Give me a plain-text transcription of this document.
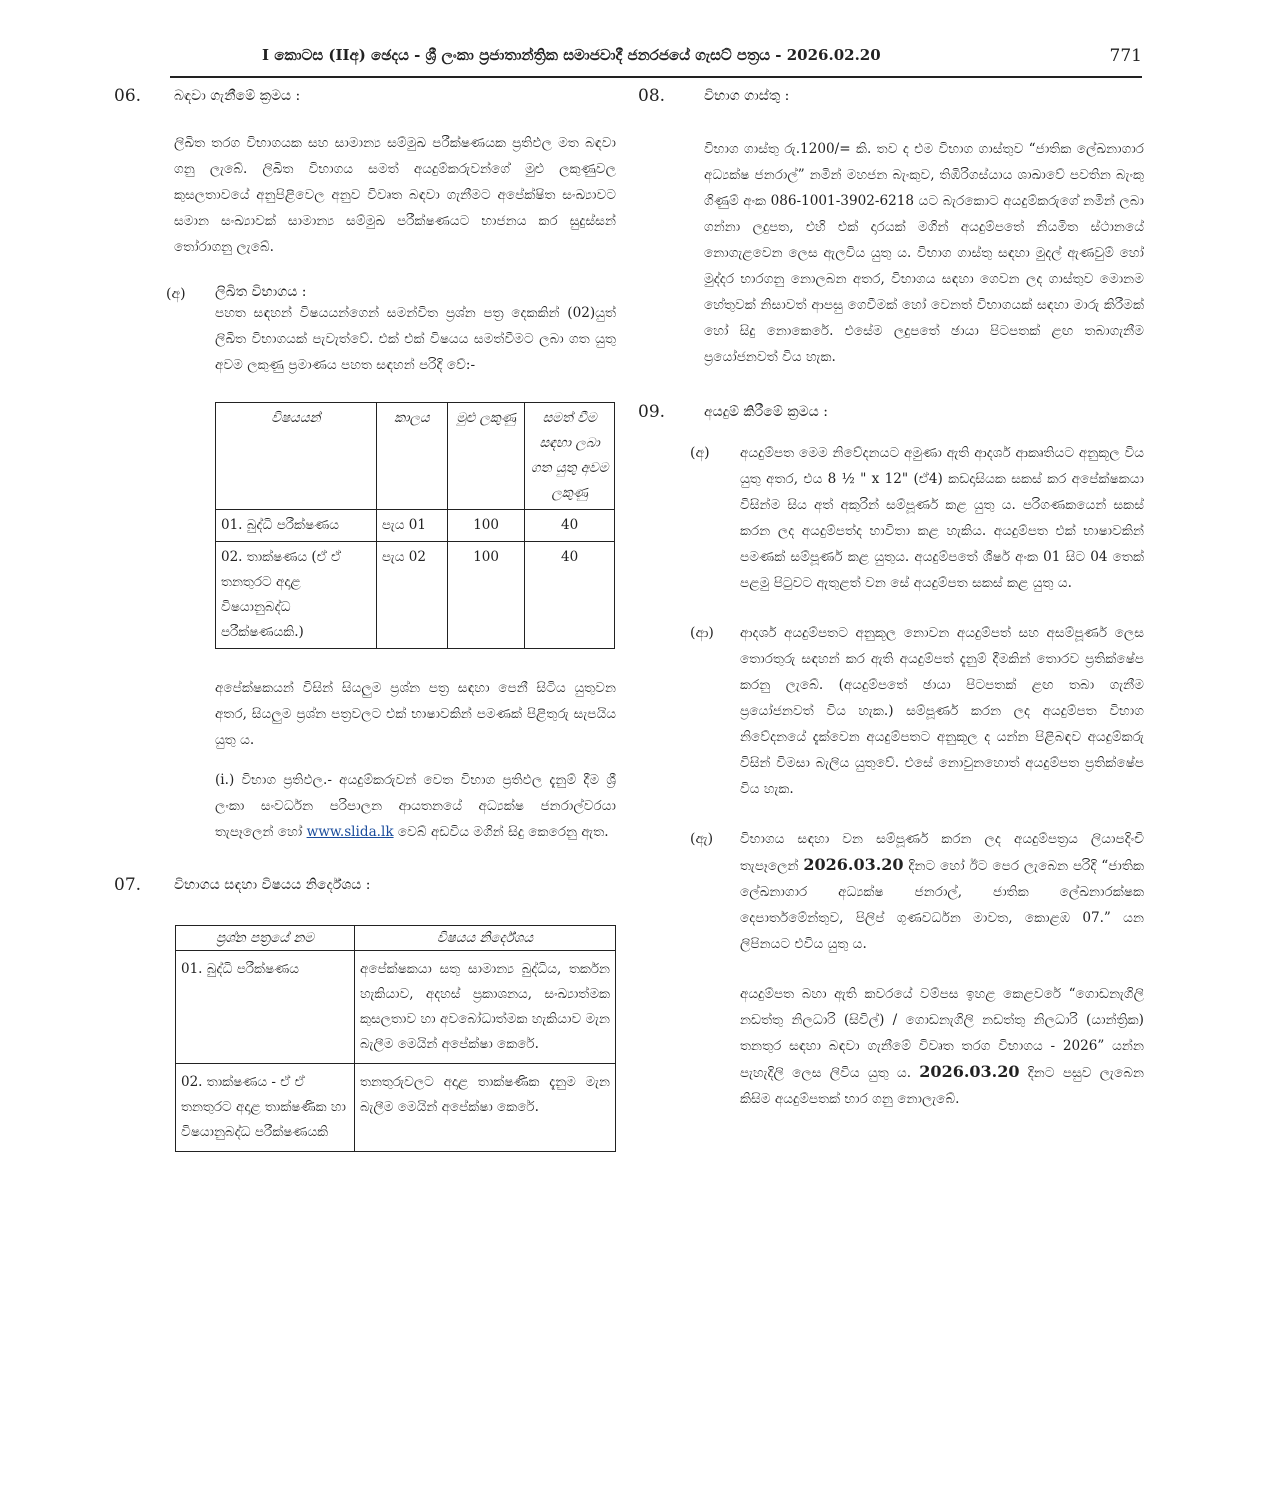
I කොටස (IIඅ) ඡෙදය - ශ්‍රී ලංකා ප්‍රජාතාන්ත්‍රික සමාජවාදී ජනරජයේ ගැසට් පත්‍රය - 2026.02.20	771
06. බඳවා ගැනීමේ ක්‍රමය :

ලිඛිත තරග විභාගයක සහ සාමාන්‍ය සම්මුඛ පරීක්ෂණයක ප්‍රතිඵල මත බඳවා ගනු ලැබේ. ලිඛිත විභාගය සමත් අයදුම්කරුවන්ගේ මුළු ලකුණුවල කුසලතාවයේ අනුපිළිවෙල අනුව විවෘත බඳවා ගැනීමට අපේක්ෂිත සංඛ්‍යාවට සමාන සංඛ්‍යාවක් සාමාන්‍ය සම්මුඛ පරීක්ෂණයට භාජනය කර සුදුස්සන් තෝරාගනු ලැබේ.

(අ) ලිඛිත විභාගය :

පහත සඳහන් විෂයයන්ගෙන් සමන්විත ප්‍රශ්න පත්‍ර දෙකකින් (02)යුත් ලිඛිත විභාගයක් පැවැත්වේ. එක් එක් විෂයය සමත්වීමට ලබා ගත යුතු අවම ලකුණු ප්‍රමාණය පහත සඳහන් පරිදි වේ:-

විෂයයන්	කාලය	මුළු ලකුණු	සමත් වීම සඳහා ලබා ගත යුතු අවම ලකුණු
01. බුද්ධි පරීක්ෂණය	පැය 01	100	40
02. තාක්ෂණය (ඒ ඒ තනතුරට අදාළ විෂයානුබද්ධ පරීක්ෂණයකි.)	පැය 02	100	40

අපේක්ෂකයන් විසින් සියලුම ප්‍රශ්න පත්‍ර සඳහා පෙනී සිටිය යුතුවන අතර, සියලුම ප්‍රශ්න පත්‍රවලට එක් භාෂාවකින් පමණක් පිළිතුරු සැපයිය යුතු ය.

(i.) විභාග ප්‍රතිඵල.- අයදුම්කරුවන් වෙත විභාග ප්‍රතිඵල දැනුම් දීම ශ්‍රී ලංකා සංවර්ධන පරිපාලන ආයතනයේ අධ්‍යක්ෂ ජනරාල්වරයා තැපෑලෙන් හෝ www.slida.lk වෙබ් අඩවිය මගින් සිදු කෙරෙනු ඇත.

07. විභාගය සඳහා විෂයය නිර්දේශය :
ප්‍රශ්න පත්‍රයේ නම	විෂයය නිර්දේශය
01. බුද්ධි පරීක්ෂණය	අපේක්ෂකයා සතු සාමාන්‍ය බුද්ධිය, තර්කන හැකියාව, අදහස් ප්‍රකාශනය, සංඛ්‍යාත්මක කුසලතාව හා අවබෝධාත්මක හැකියාව මැන බැලීම මෙයින් අපේක්ෂා කෙරේ.
02. තාක්ෂණය - ඒ ඒ තනතුරට අදාළ තාක්ෂණික හා විෂයානුබද්ධ පරීක්ෂණයකි	තනතුරුවලට අදාළ තාක්ෂණික දැනුම මැන බැලීම මෙයින් අපේක්ෂා කෙරේ.
08.	විභාග ගාස්තු :

විභාග ගාස්තු රු.1200/= කි. තව ද එම විභාග ගාස්තුව “ජාතික ලේඛනාගාර අධ්‍යක්ෂ ජනරාල්” නමින් මහජන බැංකුව, තිඹිරිගස්යාය ශාඛාවේ පවතින බැංකු ගිණුම් අංක 086-1001-3902-6218 යට බැරකොට අයදුම්කරුගේ නමින් ලබා ගන්නා ලදුපත, එහි එක් දාරයක් මගින් අයදුම්පතේ නියමිත ස්ථානයේ නොගැළවෙන ලෙස ඇලවිය යුතු ය. විභාග ගාස්තු සඳහා මුදල් ඇණවුම් හෝ මුද්දර භාරගනු නොලබන අතර, විභාගය සඳහා ගෙවන ලද ගාස්තුව මොනම හේතුවක් නිසාවත් ආපසු ගෙවීමක් හෝ වෙනත් විභාගයක් සඳහා මාරු කිරීමක් හෝ සිදු නොකෙරේ. එසේම ලදුපතේ ඡායා පිටපතක් ළඟ තබාගැනීම ප්‍රයෝජනවත් විය හැක.

09.	අයදුම් කිරීමේ ක්‍රමය :
(අ) අයදුම්පත මෙම නිවේදනයට අමුණා ඇති ආදර්ශ ආකෘතියට අනුකූල විය යුතු අතර, එය 8 ½ " x 12" (ඒ4) කඩදාසියක සකස් කර අපේක්ෂකයා විසින්ම සිය අත් අකුරින් සම්පූර්ණ කළ යුතු ය. පරිගණකයෙන් සකස් කරන ලද අයදුම්පත්‍ද භාවිතා කළ හැකිය. අයදුම්පත එක් භාෂාවකින් පමණක් සම්පූර්ණ කළ යුතුය. අයදුම්පතේ ශීර්ෂ අංක 01 සිට 04 තෙක් පළමු පිටුවට ඇතුළත් වන සේ අයදුම්පත සකස් කළ යුතු ය.

(ආ) ආදර්ශ අයදුම්පතට අනුකූල නොවන අයදුම්පත් සහ අසම්පූර්ණ ලෙස තොරතුරු සඳහන් කර ඇති අයදුම්පත් දැනුම් දීමකින් තොරව ප්‍රතික්ෂේප කරනු ලැබේ. (අයදුම්පතේ ඡායා පිටපතක් ළඟ තබා ගැනීම ප්‍රයෝජනවත් විය හැක.) සම්පූර්ණ කරන ලද අයදුම්පත විභාග නිවේදනයේ දැක්වෙන අයදුම්පතට අනුකූල ද යන්න පිළිබඳව අයදුම්කරු විසින් විමසා බැලිය යුතුවේ. එසේ නොවුනහොත් අයදුම්පත ප්‍රතික්ෂේප විය හැක.

(ඇ) විභාගය සඳහා වන සම්පූර්ණ කරන ලද අයදුම්පත්‍රය ලියාපදිංචි තැපෑලෙන් 2026.03.20 දිනට හෝ ඊට පෙර ලැබෙන පරිදි “ජාතික ලේඛනාගාර අධ්‍යක්ෂ ජනරාල්, ජාතික ලේඛනාරක්ෂක දෙපාර්තමේන්තුව, පිලිප් ගුණවර්ධන මාවත, කොළඹ 07.” යන ලිපිනයට එවිය යුතු ය.

අයදුම්පත බහා ඇති කවරයේ වම්පස ඉහළ කෙළවරේ “ගොඩනැගිලි නඩත්තු නිලධාරි (සිවිල්) / ගොඩනැගිලි නඩත්තු නිලධාරි (යාන්ත්‍රික) තනතුර සඳහා බඳවා ගැනීමේ විවෘත තරග විභාගය - 2026” යන්න පැහැදිලි ලෙස ලිවිය යුතු ය. 2026.03.20 දිනට පසුව ලැබෙන කිසිම අයදුම්පතක් භාර ගනු නොලැබේ.
